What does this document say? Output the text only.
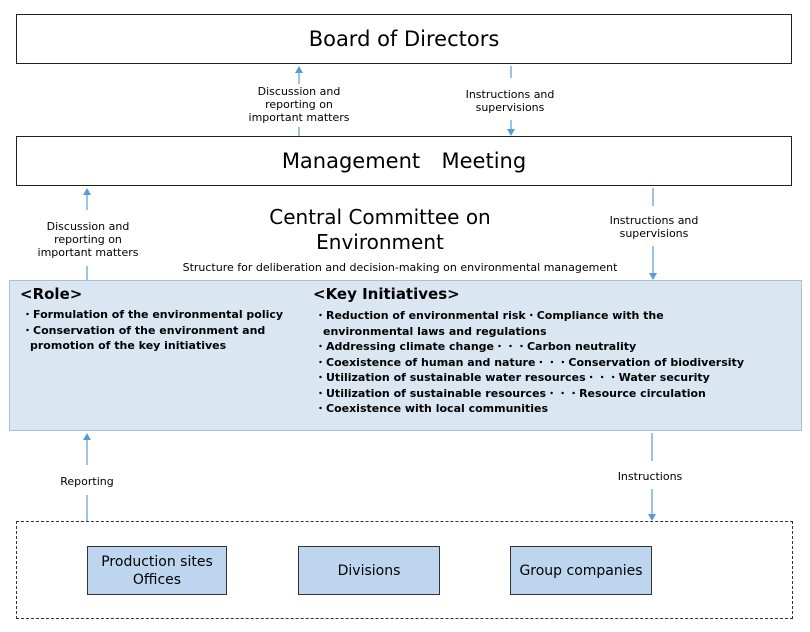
Board of Directors
Discussion and reporting on important matters
Instructions and supervisions
Management  Meeting
Discussion and reporting on important matters
Instructions and supervisions
Central Committee on Environment
Structure for deliberation and decision-making on environmental management
<Role>
・Formulation of the environmental policy
・Conservation of the environment and promotion of the key initiatives
<Key Initiatives>
・Reduction of environmental risk・Compliance with the environmental laws and regulations
・Addressing climate change・・・Carbon neutrality
・Coexistence of human and nature・・・Conservation of biodiversity
・Utilization of sustainable water resources・・・Water security
・Utilization of sustainable resources・・・Resource circulation
・Coexistence with local communities
Reporting	Instructions
Production sites
Offices
Divisions	Group companies
